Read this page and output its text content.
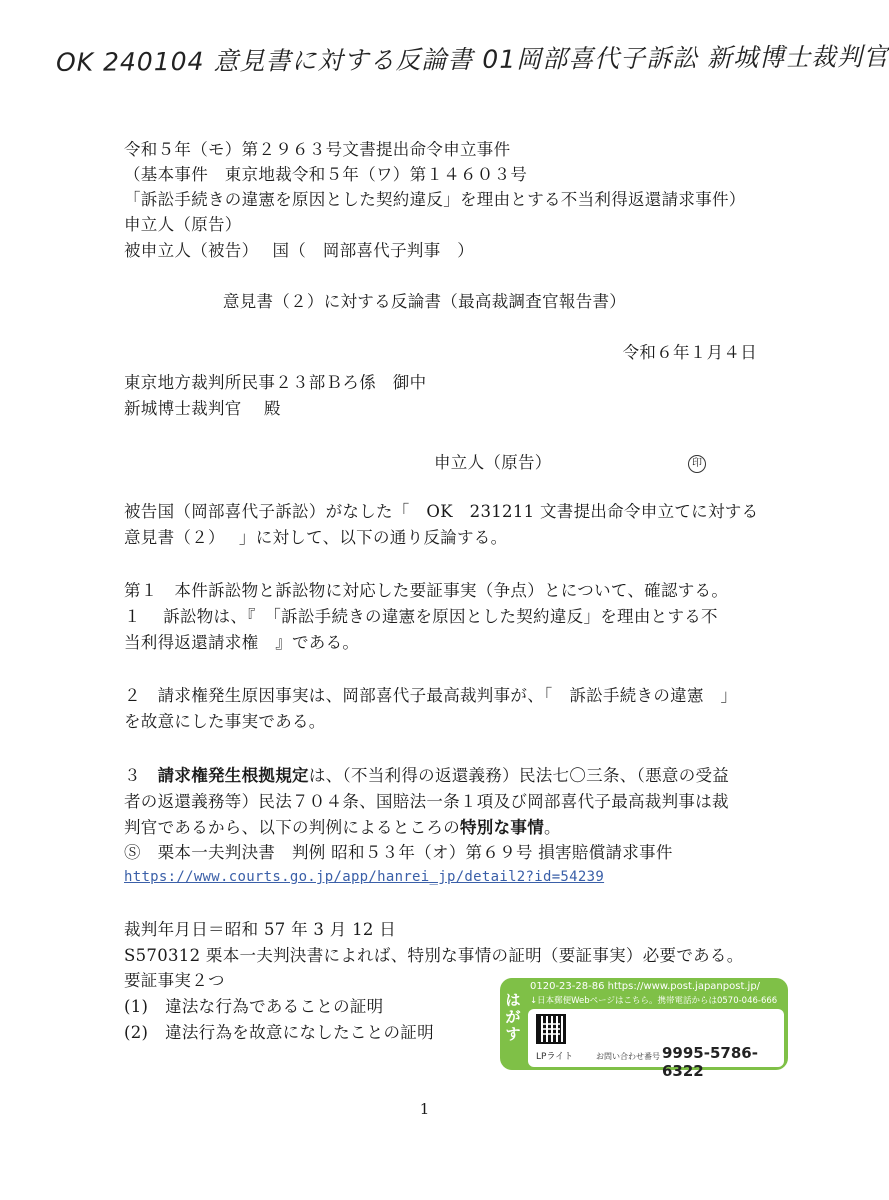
OK 240104 意見書に対する反論書 01岡部喜代子訴訟 新城博士裁判官
令和５年（モ）第２９６３号文書提出命令申立事件
（基本事件　東京地裁令和５年（ワ）第１４６０３号
「訴訟手続きの違憲を原因とした契約違反」を理由とする不当利得返還請求事件）
申立人（原告）
被申立人（被告）　 国（　岡部喜代子判事　）
意見書（２）に対する反論書（最高裁調査官報告書）
令和６年１月４日
東京地方裁判所民事２３部Ｂろ係　御中
新城博士裁判官　 殿
申立人（原告）	印
被告国（岡部喜代子訴訟）がなした「　OK　231211 文書提出命令申立てに対する
意見書（２）　 」に対して、以下の通り反論する。
第１　本件訴訟物と訴訟物に対応した要証事実（争点）とについて、確認する。
１　 訴訟物は、『　「訴訟手続きの違憲を原因とした契約違反」を理由とする不
当利得返還請求権　』である。
２　請求権発生原因事実は、岡部喜代子最高裁判事が、「　訴訟手続きの違憲　」
を故意にした事実である。
３　請求権発生根拠規定は、（不当利得の返還義務）民法七〇三条、（悪意の受益
者の返還義務等）民法７０４条、国賠法一条１項及び岡部喜代子最高裁判事は裁
判官であるから、以下の判例によるところの特別な事情。
Ⓢ　栗本一夫判決書　判例 昭和５３年（オ）第６９号 損害賠償請求事件
https://www.courts.go.jp/app/hanrei_jp/detail2?id=54239
裁判年月日＝昭和 57 年 3 月 12 日
S570312 栗本一夫判決書によれば、特別な事情の証明（要証事実）必要である。
要証事実２つ
(1)　違法な行為であることの証明
(2)　違法行為を故意になしたことの証明
はがす
0120-23-28-86 https://www.post.japanpost.jp/
↓日本郵便Webページはこちら。携帯電話からは0570-046-666
LPライト	お問い合わせ番号 9995-5786-6322
1
